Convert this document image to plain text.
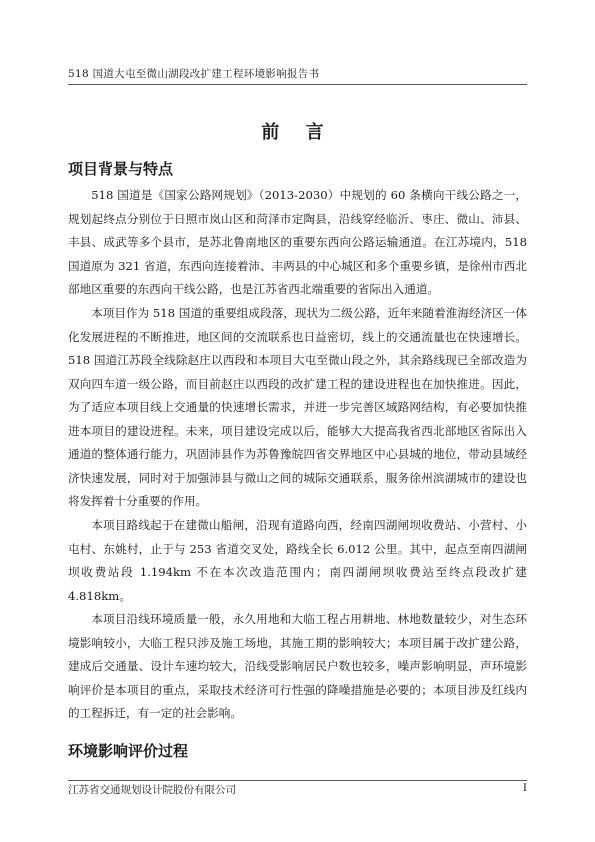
518 国道大屯至微山湖段改扩建工程环境影响报告书
前 言
项目背景与特点

518 国道是《国家公路网规划》（2013-2030）中规划的 60 条横向干线公路之一，规划起终点分别位于日照市岚山区和菏泽市定陶县，沿线穿经临沂、枣庄、微山、沛县、丰县、成武等多个县市，是苏北鲁南地区的重要东西向公路运输通道。在江苏境内，518 国道原为 321 省道，东西向连接着沛、丰两县的中心城区和多个重要乡镇，是徐州市西北部地区重要的东西向干线公路，也是江苏省西北端重要的省际出入通道。

本项目作为 518 国道的重要组成段落，现状为二级公路，近年来随着淮海经济区一体化发展进程的不断推进，地区间的交流联系也日益密切，线上的交通流量也在快速增长。518 国道江苏段全线除赵庄以西段和本项目大屯至微山段之外，其余路线现已全部改造为双向四车道一级公路，而目前赵庄以西段的改扩建工程的建设进程也在加快推进。因此，为了适应本项目线上交通量的快速增长需求，并进一步完善区域路网结构，有必要加快推进本项目的建设进程。未来，项目建设完成以后，能够大大提高我省西北部地区省际出入通道的整体通行能力，巩固沛县作为苏鲁豫皖四省交界地区中心县城的地位，带动县域经济快速发展，同时对于加强沛县与微山之间的城际交通联系，服务徐州滨湖城市的建设也将发挥着十分重要的作用。

本项目路线起于在建微山船闸，沿现有道路向西，经南四湖闸坝收费站、小营村、小屯村、东姚村，止于与 253 省道交叉处，路线全长 6.012 公里。其中，起点至南四湖闸坝收费站段 1.194km 不在本次改造范围内；南四湖闸坝收费站至终点段改扩建 4.818km。

本项目沿线环境质量一般，永久用地和大临工程占用耕地、林地数量较少，对生态环境影响较小，大临工程只涉及施工场地，其施工期的影响较大；本项目属于改扩建公路，建成后交通量、设计车速均较大，沿线受影响居民户数也较多，噪声影响明显，声环境影响评价是本项目的重点，采取技术经济可行性强的降噪措施是必要的；本项目涉及红线内的工程拆迁，有一定的社会影响。

环境影响评价过程
江苏省交通规划设计院股份有限公司	I
